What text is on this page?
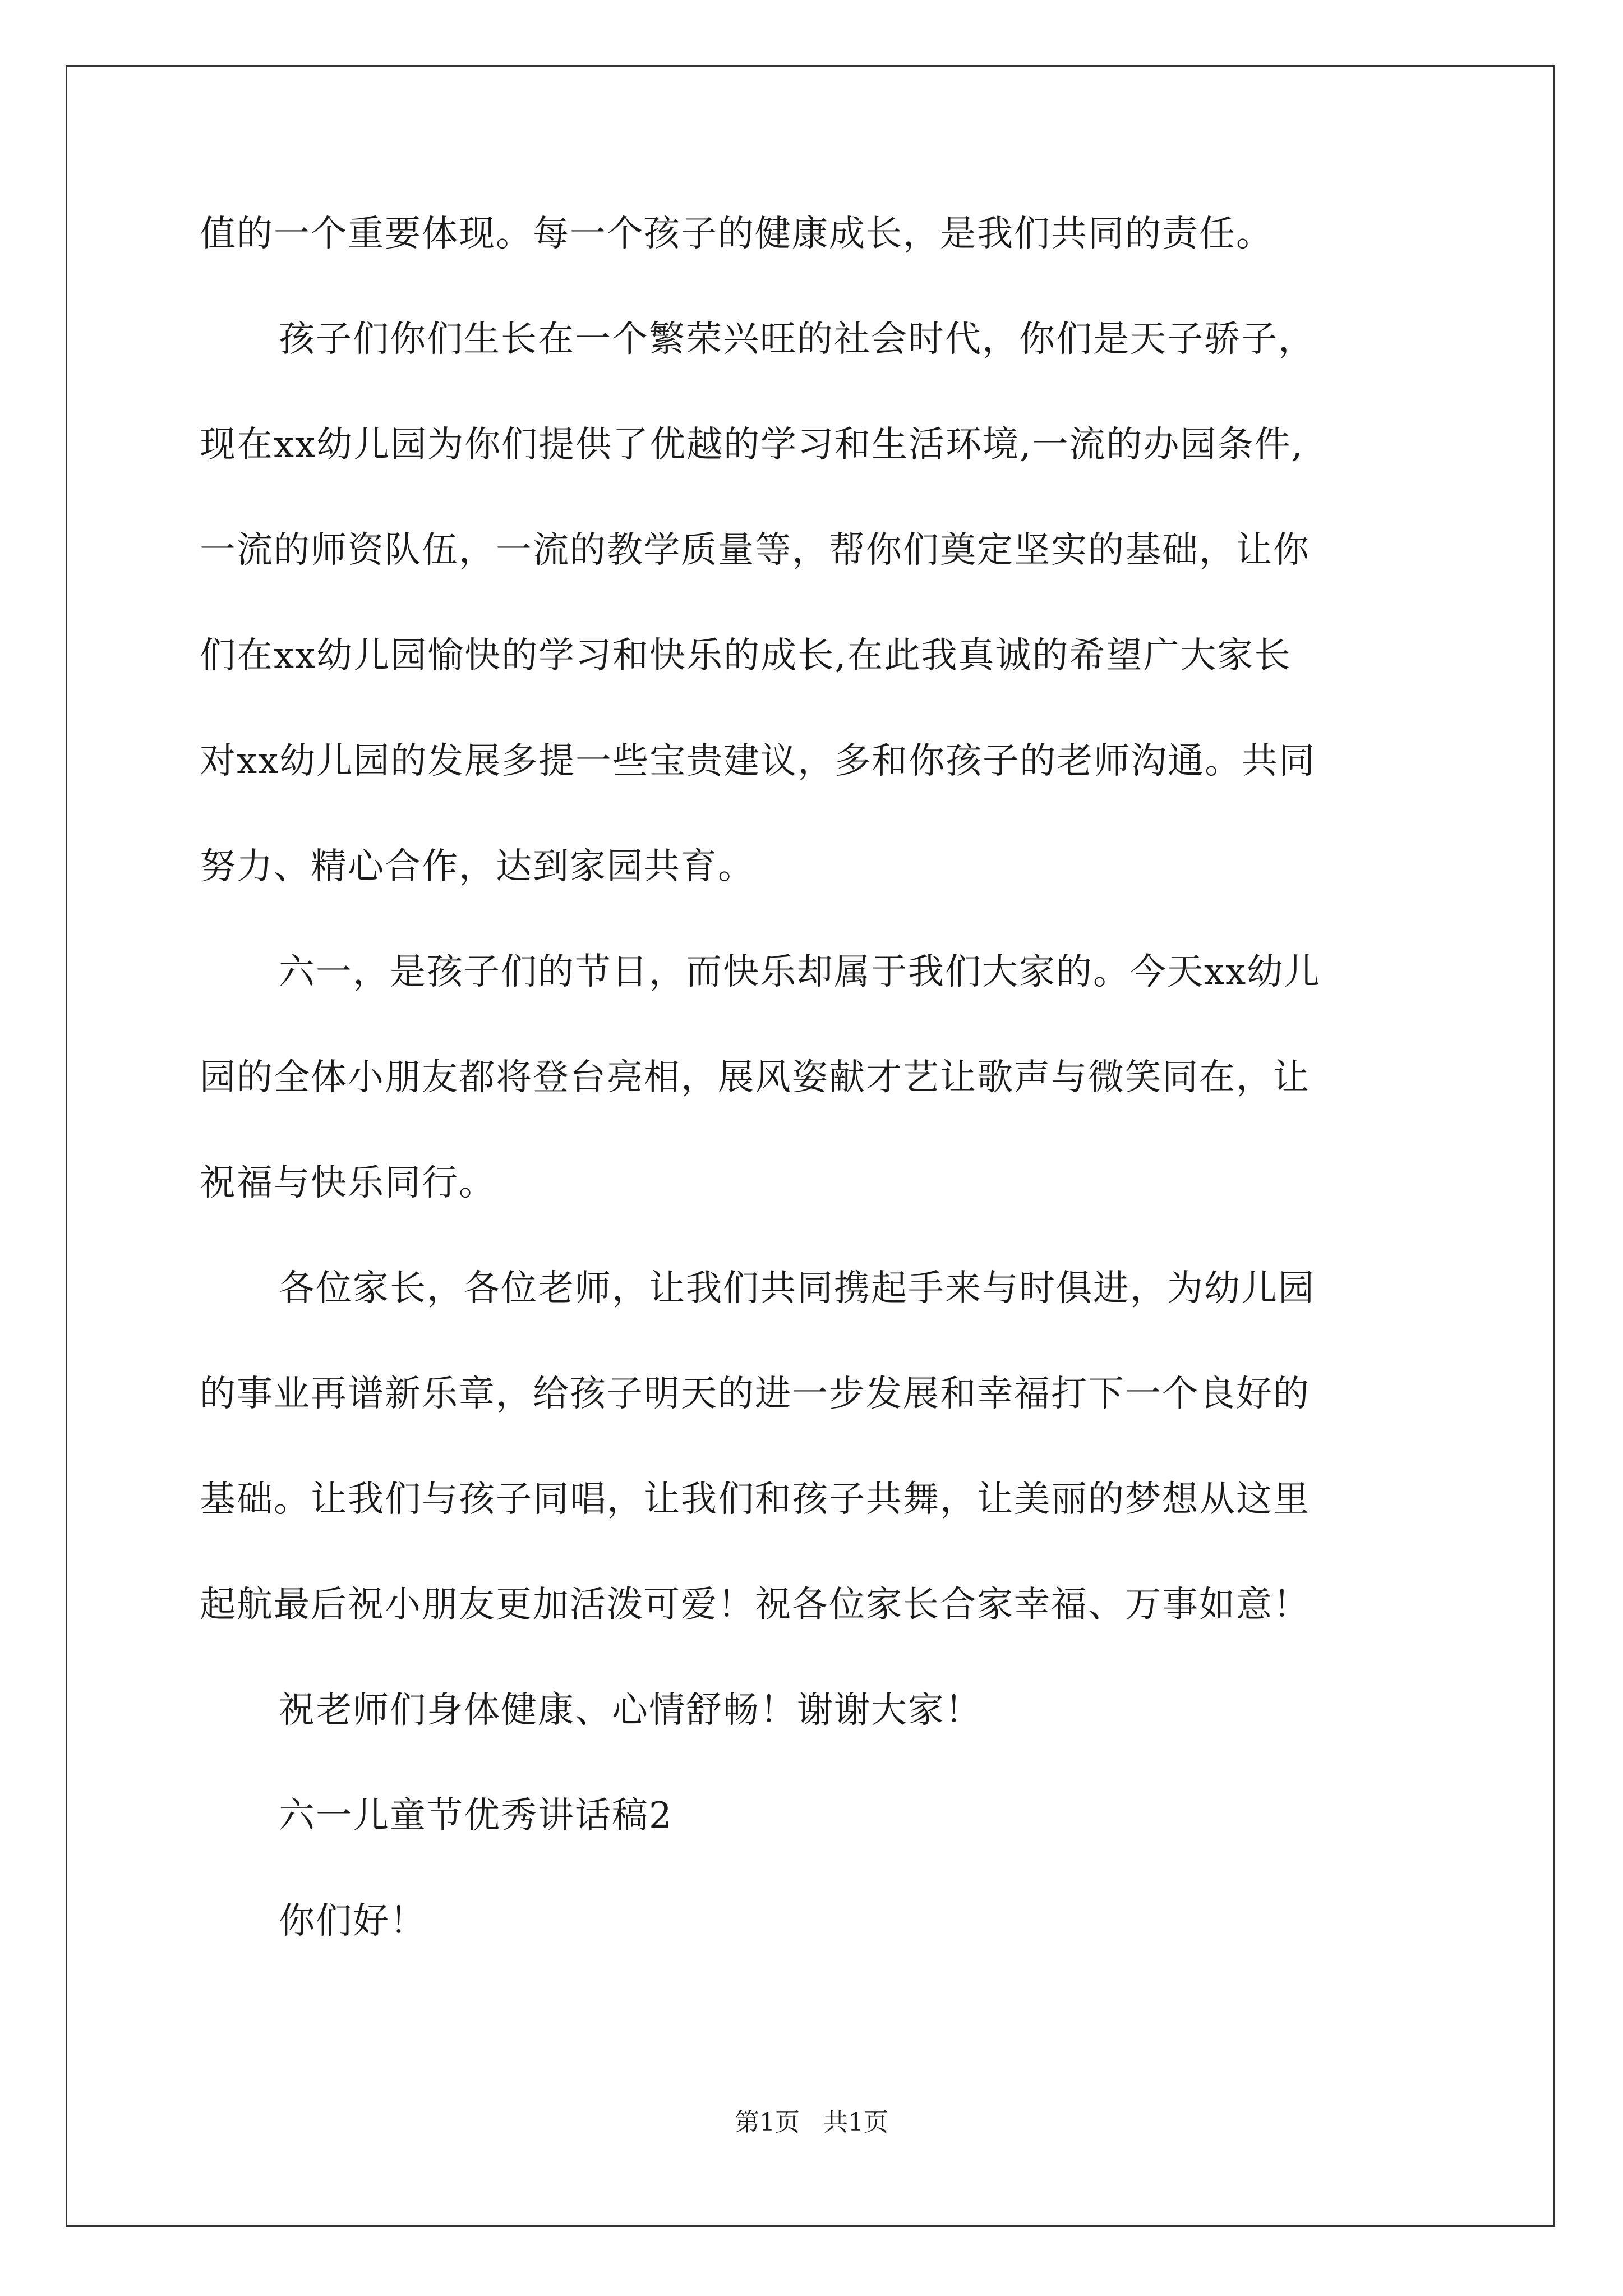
值的一个重要体现。每一个孩子的健康成长，是我们共同的责任。
孩子们你们生长在一个繁荣兴旺的社会时代，你们是天子骄子，
现在xx幼儿园为你们提供了优越的学习和生活环境,一流的办园条件,
一流的师资队伍，一流的教学质量等，帮你们奠定坚实的基础，让你
们在xx幼儿园愉快的学习和快乐的成长,在此我真诚的希望广大家长
对xx幼儿园的发展多提一些宝贵建议，多和你孩子的老师沟通。共同
努力、精心合作，达到家园共育。
六一，是孩子们的节日，而快乐却属于我们大家的。今天xx幼儿
园的全体小朋友都将登台亮相，展风姿献才艺让歌声与微笑同在，让
祝福与快乐同行。
各位家长，各位老师，让我们共同携起手来与时俱进，为幼儿园
的事业再谱新乐章，给孩子明天的进一步发展和幸福打下一个良好的
基础。让我们与孩子同唱，让我们和孩子共舞，让美丽的梦想从这里
起航最后祝小朋友更加活泼可爱！祝各位家长合家幸福、万事如意！
祝老师们身体健康、心情舒畅！谢谢大家！
六一儿童节优秀讲话稿2
你们好！
第1页   共1页
